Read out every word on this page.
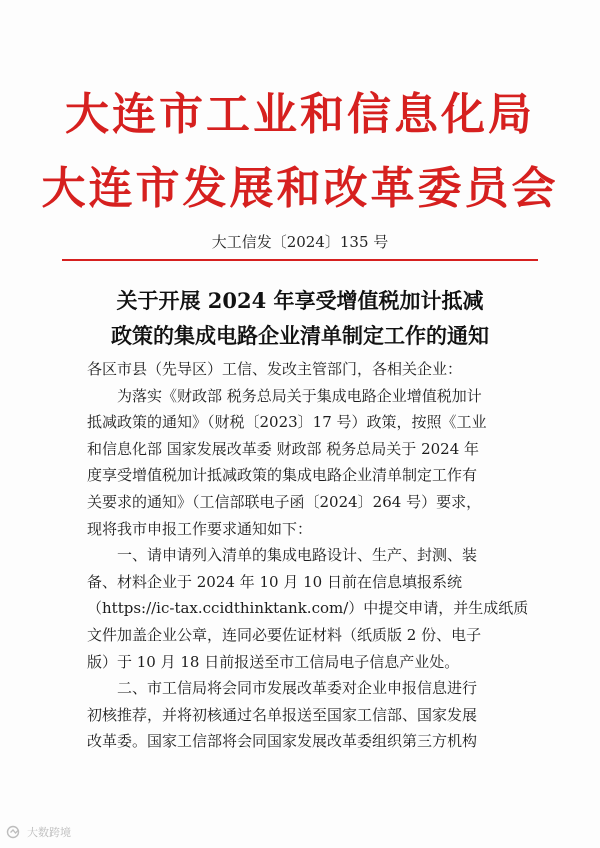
大连市工业和信息化局
大连市发展和改革委员会
大工信发〔2024〕135 号
关于开展 2024 年享受增值税加计抵减
政策的集成电路企业清单制定工作的通知
各区市县（先导区）工信、发改主管部门，各相关企业：
为落实《财政部 税务总局关于集成电路企业增值税加计
抵减政策的通知》（财税〔2023〕17 号）政策，按照《工业
和信息化部 国家发展改革委 财政部 税务总局关于 2024 年
度享受增值税加计抵减政策的集成电路企业清单制定工作有
关要求的通知》（工信部联电子函〔2024〕264 号）要求，
现将我市申报工作要求通知如下：
一、请申请列入清单的集成电路设计、生产、封测、装
备、材料企业于 2024 年 10 月 10 日前在信息填报系统
（https://ic-tax.ccidthinktank.com/）中提交申请，并生成纸质
文件加盖企业公章，连同必要佐证材料（纸质版 2 份、电子
版）于 10 月 18 日前报送至市工信局电子信息产业处。
二、市工信局将会同市发展改革委对企业申报信息进行
初核推荐，并将初核通过名单报送至国家工信部、国家发展
改革委。国家工信部将会同国家发展改革委组织第三方机构
大数跨境
